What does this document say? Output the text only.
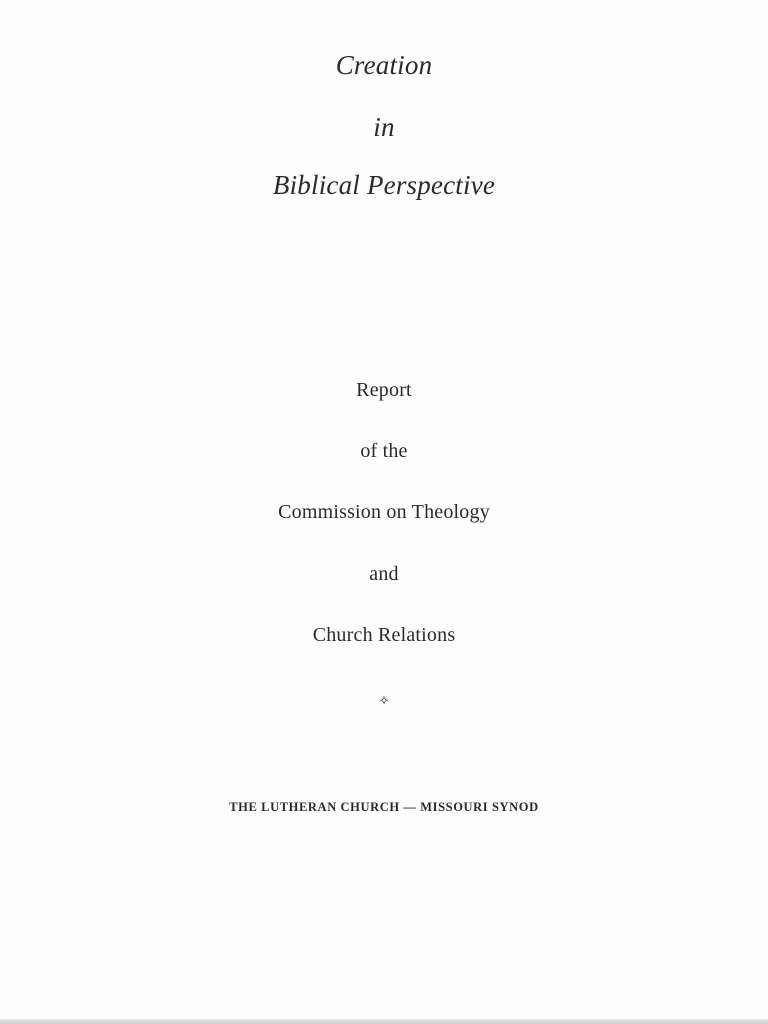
Creation
in
Biblical Perspective
Report
of the
Commission on Theology
and
Church Relations
⟡
THE LUTHERAN CHURCH — MISSOURI SYNOD
